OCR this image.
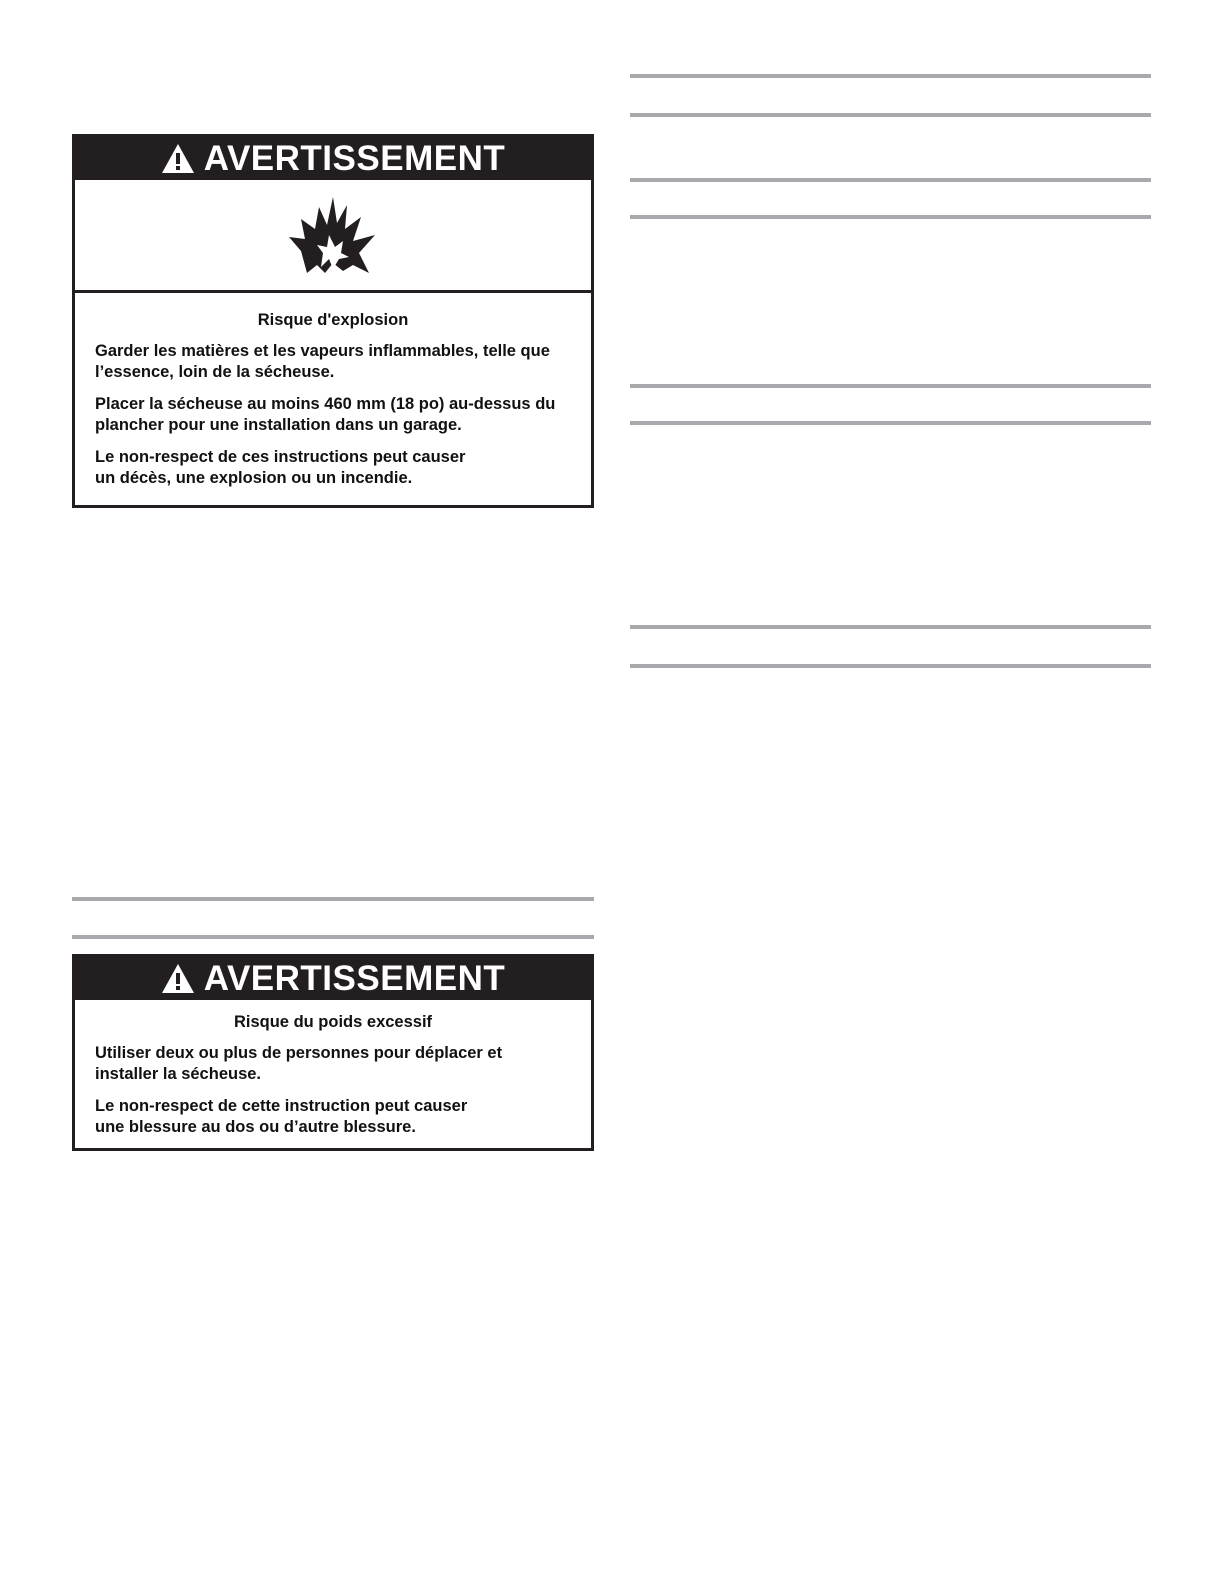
AVERTISSEMENT

Risque d'explosion

Garder les matières et les vapeurs inflammables, telle que l’essence, loin de la sécheuse.

Placer la sécheuse au moins 460 mm (18 po) au-dessus du plancher pour une installation dans un garage.

Le non-respect de ces instructions peut causer un décès, une explosion ou un incendie.

AVERTISSEMENT

Risque du poids excessif

Utiliser deux ou plus de personnes pour déplacer et installer la sécheuse.

Le non-respect de cette instruction peut causer une blessure au dos ou d’autre blessure.
